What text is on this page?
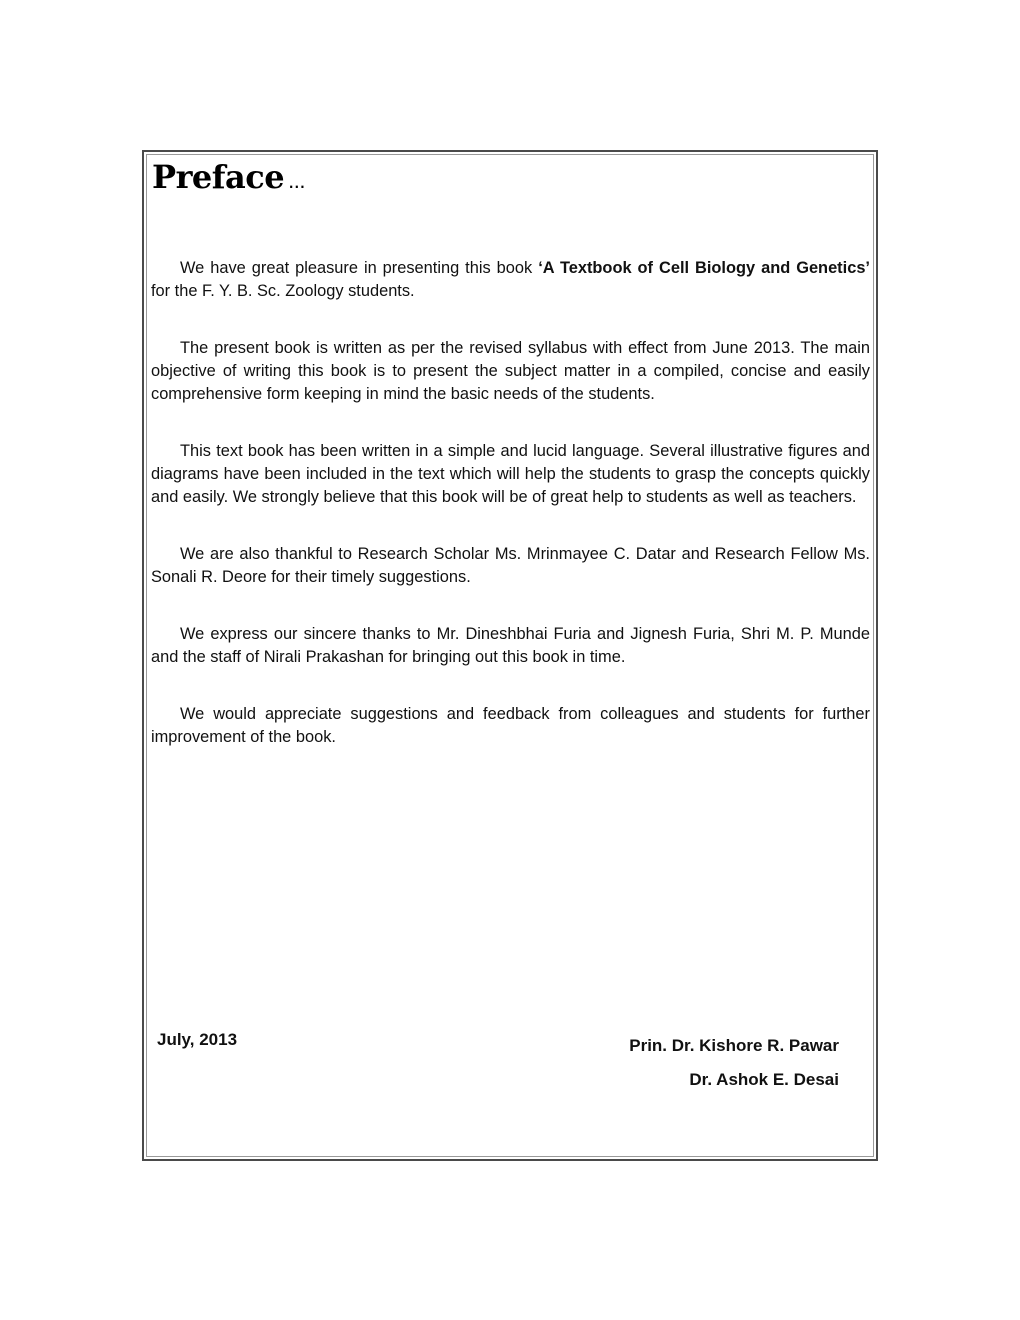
Preface ...

We have great pleasure in presenting this book ‘A Textbook of Cell Biology and Genetics’ for the F. Y. B. Sc. Zoology students.

The present book is written as per the revised syllabus with effect from June 2013. The main objective of writing this book is to present the subject matter in a compiled, concise and easily comprehensive form keeping in mind the basic needs of the students.

This text book has been written in a simple and lucid language. Several illustrative figures and diagrams have been included in the text which will help the students to grasp the concepts quickly and easily. We strongly believe that this book will be of great help to students as well as teachers.

We are also thankful to Research Scholar Ms. Mrinmayee C. Datar and Research Fellow Ms. Sonali R. Deore for their timely suggestions.

We express our sincere thanks to Mr. Dineshbhai Furia and Jignesh Furia, Shri M. P. Munde and the staff of Nirali Prakashan for bringing out this book in time.

We would appreciate suggestions and feedback from colleagues and students for further improvement of the book.

July, 2013	Prin. Dr. Kishore R. Pawar
Dr. Ashok E. Desai
